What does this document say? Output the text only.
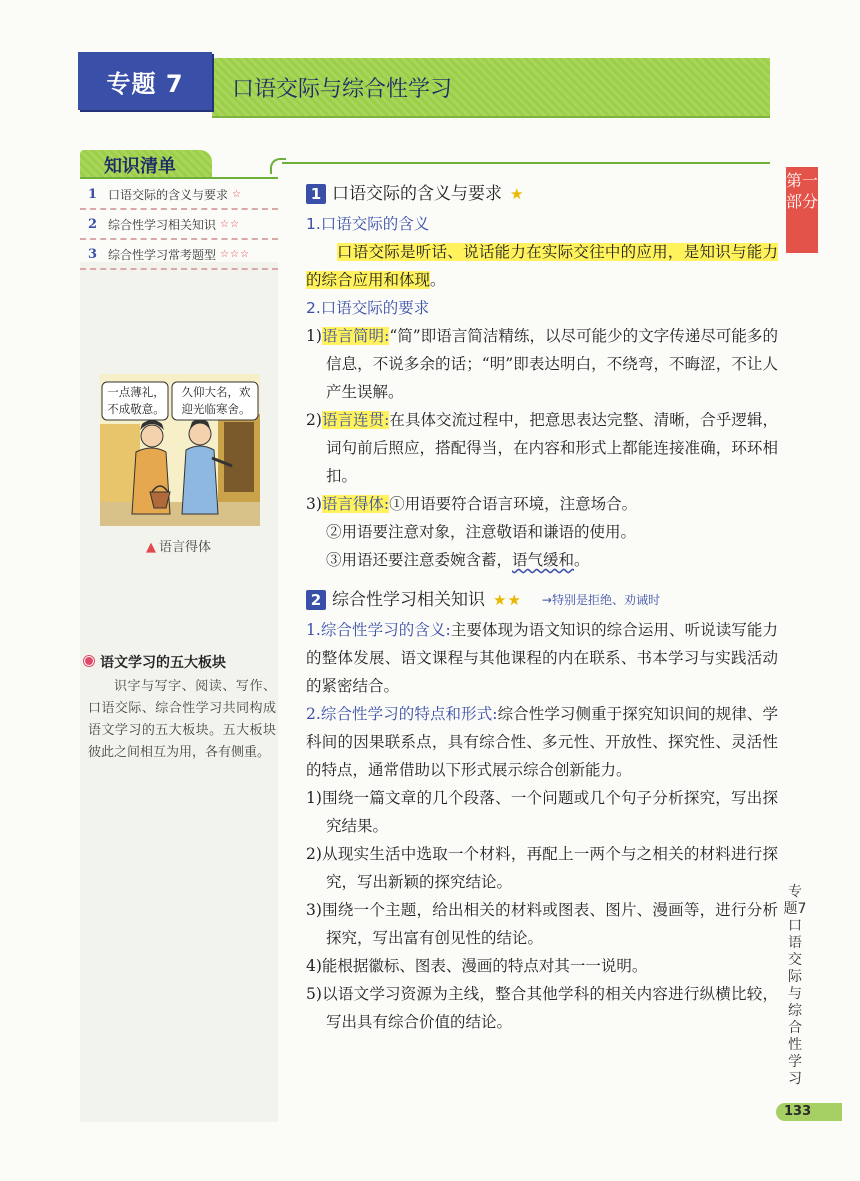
专题 7	口语交际与综合性学习
知识清单
1 口语交际的含义与要求 ☆
2 综合性学习相关知识 ☆☆
3 综合性学习常考题型 ☆☆☆
一点薄礼，不成敬意。
久仰大名，欢迎光临寒舍。
▲ 语言得体
语文学习的五大板块
识字与写字、阅读、写作、口语交际、综合性学习共同构成语文学习的五大板块。五大板块彼此之间相互为用，各有侧重。
第一部分
专题7 口语交际与综合性学习
133
1 口语交际的含义与要求 ★
1.口语交际的含义
口语交际是听话、说话能力在实际交往中的应用，是知识与能力的综合应用和体现。
2.口语交际的要求
1)语言简明:“简”即语言简洁精练，以尽可能少的文字传递尽可能多的信息，不说多余的话；“明”即表达明白，不绕弯，不晦涩，不让人产生误解。
2)语言连贯:在具体交流过程中，把意思表达完整、清晰，合乎逻辑，词句前后照应，搭配得当，在内容和形式上都能连接准确，环环相扣。
3)语言得体:①用语要符合语言环境，注意场合。
②用语要注意对象，注意敬语和谦语的使用。
③用语还要注意委婉含蓄，语气缓和。
2 综合性学习相关知识 ★★ →特别是拒绝、劝诫时
1.综合性学习的含义:主要体现为语文知识的综合运用、听说读写能力的整体发展、语文课程与其他课程的内在联系、书本学习与实践活动的紧密结合。
2.综合性学习的特点和形式:综合性学习侧重于探究知识间的规律、学科间的因果联系点，具有综合性、多元性、开放性、探究性、灵活性的特点，通常借助以下形式展示综合创新能力。
1)围绕一篇文章的几个段落、一个问题或几个句子分析探究，写出探究结果。
2)从现实生活中选取一个材料，再配上一两个与之相关的材料进行探究，写出新颖的探究结论。
3)围绕一个主题，给出相关的材料或图表、图片、漫画等，进行分析探究，写出富有创见性的结论。
4)能根据徽标、图表、漫画的特点对其一一说明。
5)以语文学习资源为主线，整合其他学科的相关内容进行纵横比较，写出具有综合价值的结论。
